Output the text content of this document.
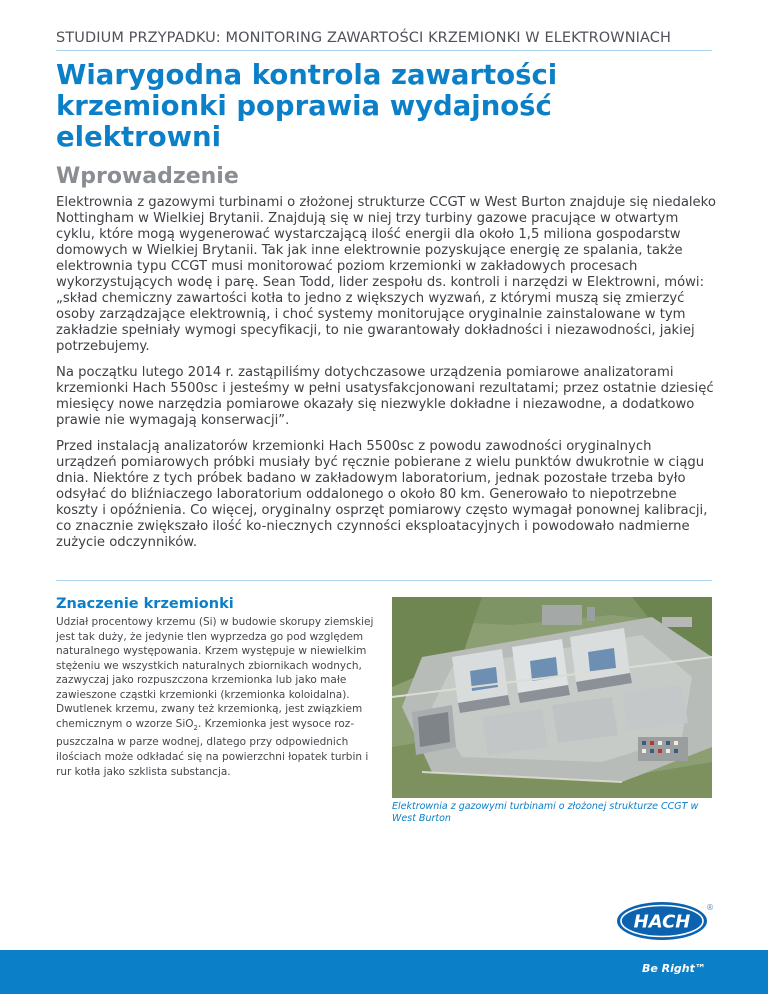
STUDIUM PRZYPADKU: MONITORING ZAWARTOŚCI KRZEMIONKI W ELEKTROWNIACH
Wiarygodna kontrola zawartości krzemionki poprawia wydajność elektrowni
Wprowadzenie

Elektrownia z gazowymi turbinami o złożonej strukturze CCGT w West Burton znajduje się niedaleko Nottingham w Wielkiej Brytanii. Znajdują się w niej trzy turbiny gazowe pracujące w otwartym cyklu, które mogą wygenerować wystarczającą ilość energii dla około 1,5 miliona gospodarstw domowych w Wielkiej Brytanii. Tak jak inne elektrownie pozyskujące energię ze spalania, także elektrownia typu CCGT musi monitorować poziom krzemionki w zakładowych procesach wykorzystujących wodę i parę. Sean Todd, lider zespołu ds. kontroli i narzędzi w Elektrowni, mówi: „skład chemiczny zawartości kotła to jedno z większych wyzwań, z którymi muszą się zmierzyć osoby zarządzające elektrownią, i choć systemy monitorujące oryginalnie zainstalowane w tym zakładzie spełniały wymogi specyfikacji, to nie gwarantowały dokładności i niezawodności, jakiej potrzebujemy.

Na początku lutego 2014 r. zastąpiliśmy dotychczasowe urządzenia pomiarowe analizatorami krzemionki Hach 5500sc i jesteśmy w pełni usatysfakcjonowani rezultatami; przez ostatnie dziesięć miesięcy nowe narzędzia pomiarowe okazały się niezwykle dokładne i niezawodne, a dodatkowo prawie nie wymagają konserwacji”.

Przed instalacją analizatorów krzemionki Hach 5500sc z powodu zawodności oryginalnych urządzeń pomiarowych próbki musiały być ręcznie pobierane z wielu punktów dwukrotnie w ciągu dnia. Niektóre z tych próbek badano w zakładowym laboratorium, jednak pozostałe trzeba było odsyłać do bliźniaczego laboratorium oddalonego o około 80 km. Generowało to niepotrzebne koszty i opóźnienia. Co więcej, oryginalny osprzęt pomiarowy często wymagał ponownej kalibracji, co znacznie zwiększało ilość ko-niecznych czynności eksploatacyjnych i powodowało nadmierne zużycie odczynników.

Znaczenie krzemionki

Udział procentowy krzemu (Si) w budowie skorupy ziemskiej jest tak duży, że jedynie tlen wyprzedza go pod względem naturalnego występowania. Krzem występuje w niewielkim stężeniu we wszystkich naturalnych zbiornikach wodnych, zazwyczaj jako rozpuszczona krzemionka lub jako małe zawieszone cząstki krzemionki (krzemionka koloidalna). Dwutlenek krzemu, zwany też krzemionką, jest związkiem chemicznym o wzorze SiO$_2$. Krzemionka jest wysoce roz-puszczalna w parze wodnej, dlatego przy odpowiednich ilościach może odkładać się na powierzchni łopatek turbin i rur kotła jako szklista substancja.

Elektrownia z gazowymi turbinami o złożonej strukturze CCGT w West Burton

HACH
®
Be Right™
